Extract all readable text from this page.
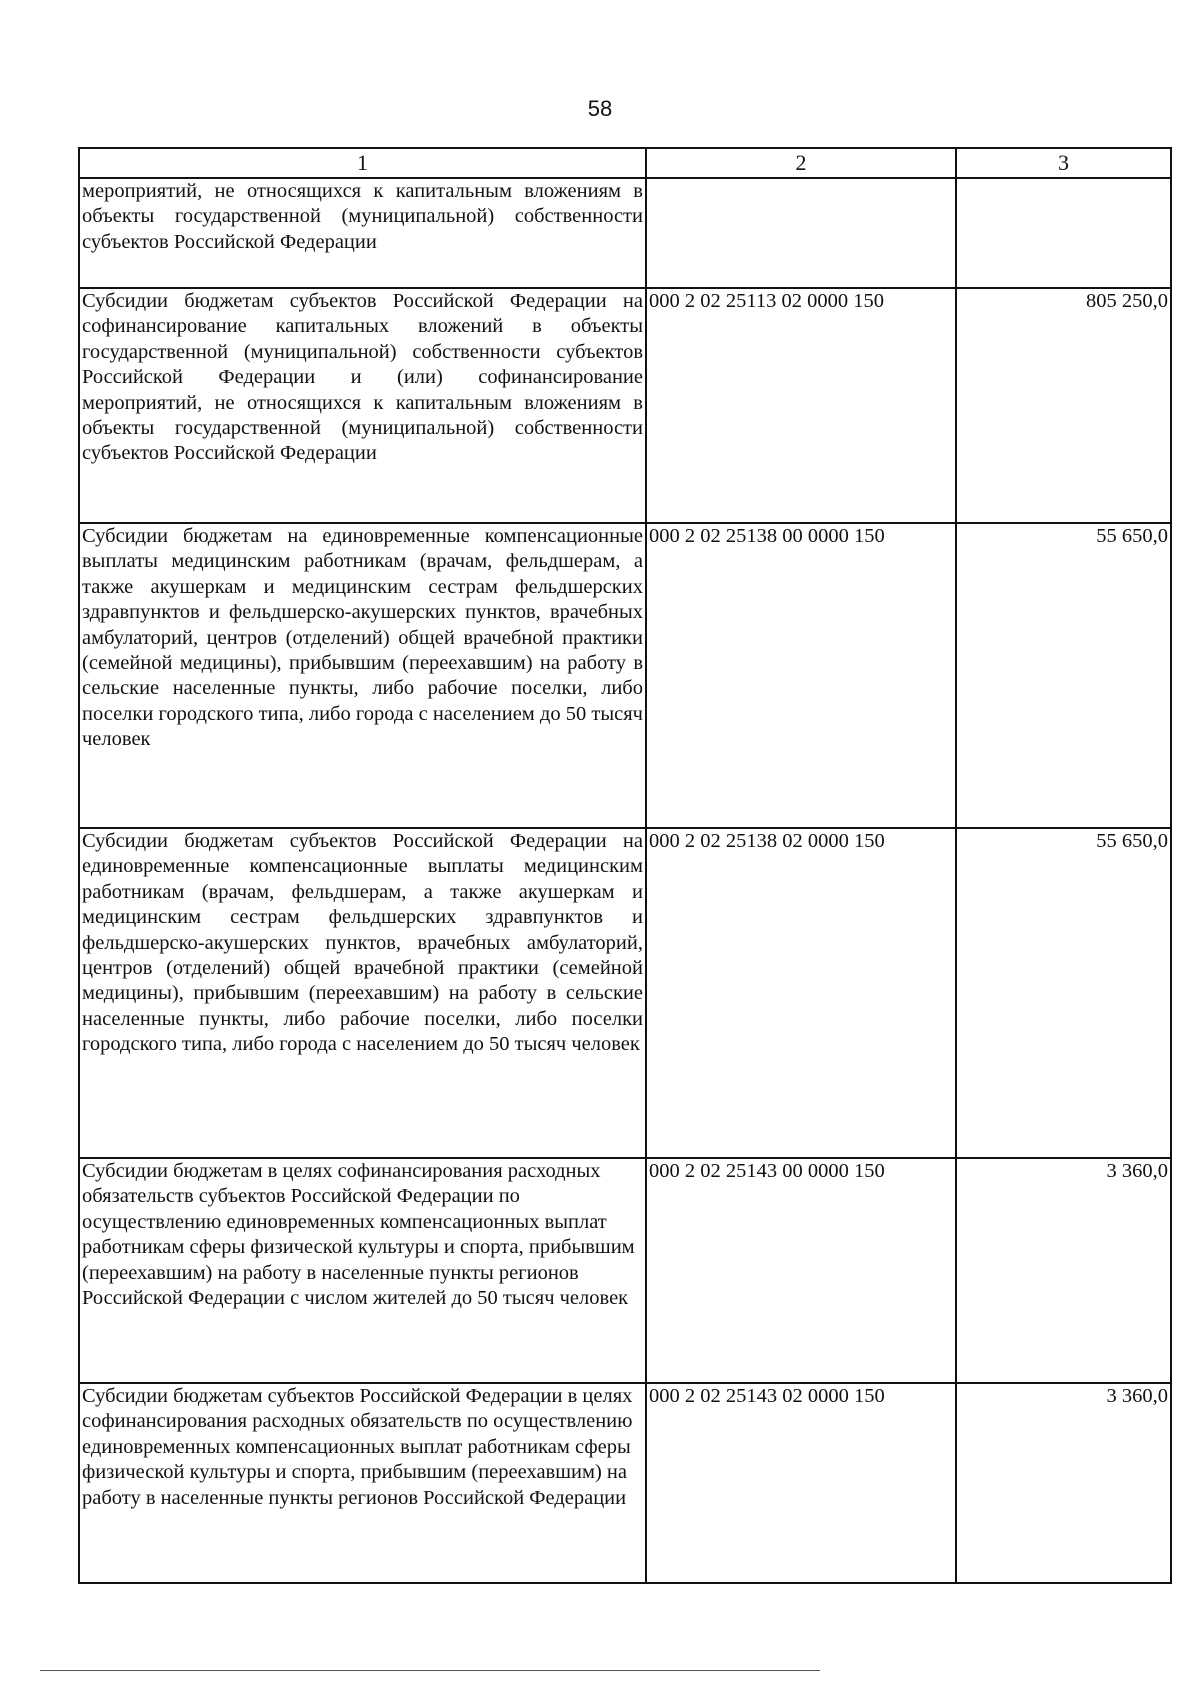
58
1	2	3
мероприятий, не относящихся к капитальным вложениям в объекты государственной (муниципальной) собственности субъектов Российской Федерации		
Субсидии бюджетам субъектов Российской Федерации на софинансирование капитальных вложений в объекты государственной (муниципальной) собственности субъектов Российской Федерации и (или) софинансирование мероприятий, не относящихся к капитальным вложениям в объекты государственной (муниципальной) собственности субъектов Российской Федерации	000 2 02 25113 02 0000 150	805 250,0
Субсидии бюджетам на единовременные компенсационные выплаты медицинским работникам (врачам, фельдшерам, а также акушеркам и медицинским сестрам фельдшерских здравпунктов и фельдшерско-акушерских пунктов, врачебных амбулаторий, центров (отделений) общей врачебной практики (семейной медицины), прибывшим (переехавшим) на работу в сельские населенные пункты, либо рабочие поселки, либо поселки городского типа, либо города с населением до 50 тысяч человек	000 2 02 25138 00 0000 150	55 650,0
Субсидии бюджетам субъектов Российской Федерации на единовременные компенсационные выплаты медицинским работникам (врачам, фельдшерам, а также акушеркам и медицинским сестрам фельдшерских здравпунктов и фельдшерско-акушерских пунктов, врачебных амбулаторий, центров (отделений) общей врачебной практики (семейной медицины), прибывшим (переехавшим) на работу в сельские населенные пункты, либо рабочие поселки, либо поселки городского типа, либо города с населением до 50 тысяч человек	000 2 02 25138 02 0000 150	55 650,0
Субсидии бюджетам в целях софинансирования расходных обязательств субъектов Российской Федерации по осуществлению единовременных компенсационных выплат работникам сферы физической культуры и спорта, прибывшим (переехавшим) на работу в населенные пункты регионов Российской Федерации с числом жителей до 50 тысяч человек	000 2 02 25143 00 0000 150	3 360,0
Субсидии бюджетам субъектов Российской Федерации в целях софинансирования расходных обязательств по осуществлению единовременных компенсационных выплат работникам сферы физической культуры и спорта, прибывшим (переехавшим) на работу в населенные пункты регионов Российской Федерации	000 2 02 25143 02 0000 150	3 360,0
